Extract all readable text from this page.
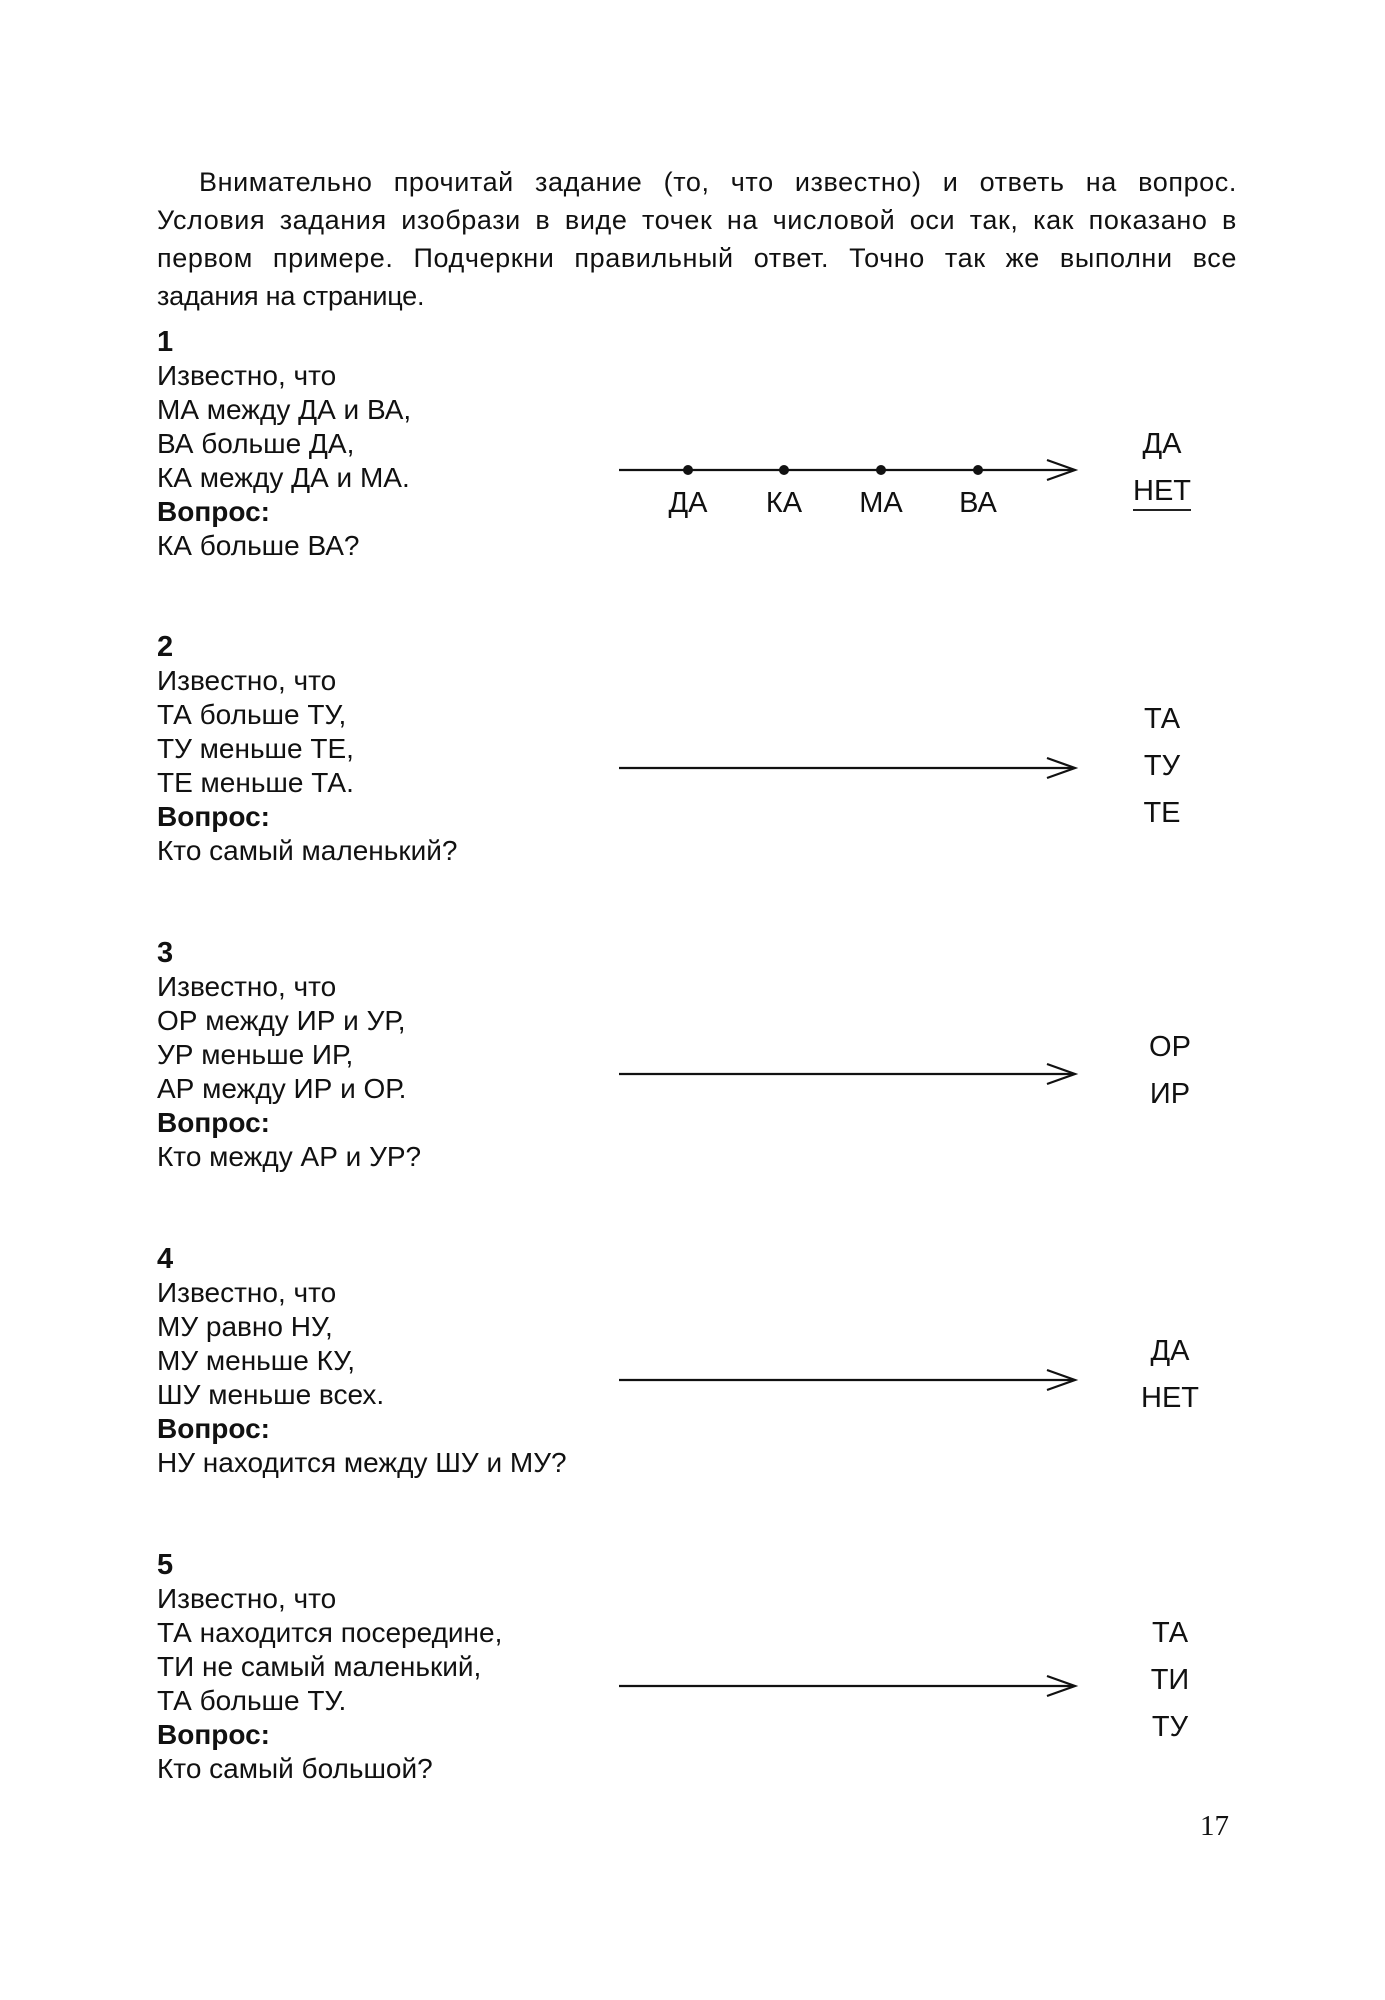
Внимательно прочитай задание (то, что известно) и ответь на вопрос.
Условия задания изобрази в виде точек на числовой оси так, как показано в
первом примере. Подчеркни правильный ответ. Точно так же выполни все
задания на странице.
1
Известно, что
МА между ДА и ВА,
ВА больше ДА,
КА между ДА и МА.
Вопрос:
КА больше ВА?
ДА КА МА ВА
ДА
НЕТ
2
Известно, что
ТА больше ТУ,
ТУ меньше ТЕ,
ТЕ меньше ТА.
Вопрос:
Кто самый маленький?
ТА
ТУ
ТЕ
3
Известно, что
ОР между ИР и УР,
УР меньше ИР,
АР между ИР и ОР.
Вопрос:
Кто между АР и УР?
ОР
ИР
4
Известно, что
МУ равно НУ,
МУ меньше КУ,
ШУ меньше всех.
Вопрос:
НУ находится между ШУ и МУ?
ДА
НЕТ
5
Известно, что
ТА находится посередине,
ТИ не самый маленький,
ТА больше ТУ.
Вопрос:
Кто самый большой?
ТА
ТИ
ТУ
17
